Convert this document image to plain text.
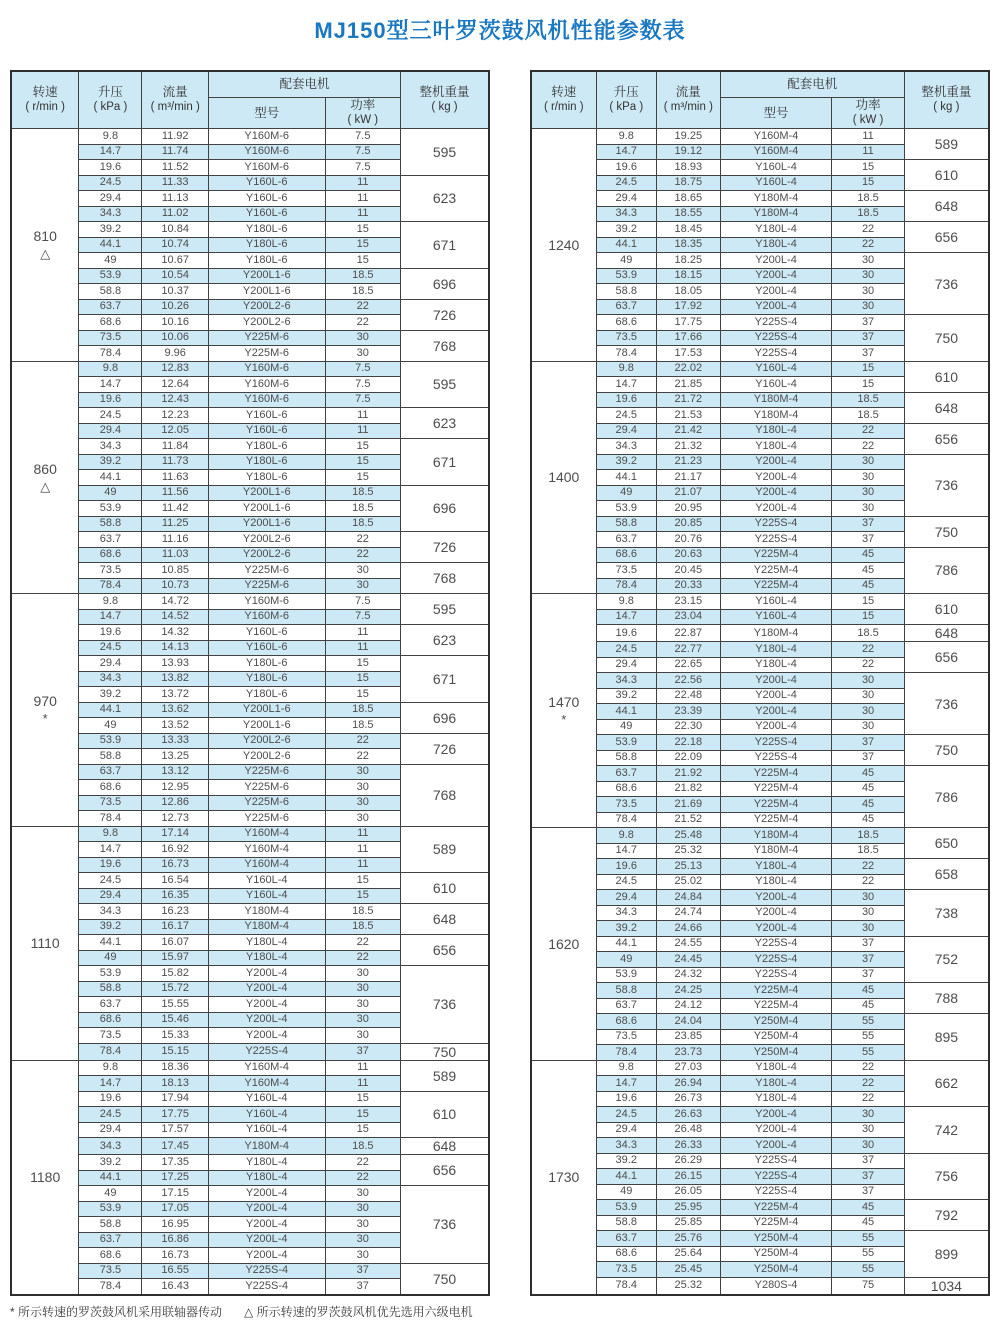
MJ150型三叶罗茨鼓风机性能参数表
转速
( r/min )

升压
( kPa )

流量
( m³/min )

配套电机

整机重量
( kg )

			型号	功率
( kW )	

810
△	9.8	11.92	Y160M-6	7.5	595
	14.7	11.74	Y160M-6	7.5	
	19.6	11.52	Y160M-6	7.5	
	24.5	11.33	Y160L-6	11	623
	29.4	11.13	Y160L-6	11	
	34.3	11.02	Y160L-6	11	
	39.2	10.84	Y180L-6	15	671
	44.1	10.74	Y180L-6	15	
	49	10.67	Y180L-6	15	
	53.9	10.54	Y200L1-6	18.5	696
	58.8	10.37	Y200L1-6	18.5	
	63.7	10.26	Y200L2-6	22	726
	68.6	10.16	Y200L2-6	22	
	73.5	10.06	Y225M-6	30	768
	78.4	9.96	Y225M-6	30	

860
△	9.8	12.83	Y160M-6	7.5	595
	14.7	12.64	Y160M-6	7.5	
	19.6	12.43	Y160M-6	7.5	
	24.5	12.23	Y160L-6	11	623
	29.4	12.05	Y160L-6	11	
	34.3	11.84	Y180L-6	15	671
	39.2	11.73	Y180L-6	15	
	44.1	11.63	Y180L-6	15	
	49	11.56	Y200L1-6	18.5	696
	53.9	11.42	Y200L1-6	18.5	
	58.8	11.25	Y200L1-6	18.5	
	63.7	11.16	Y200L2-6	22	726
	68.6	11.03	Y200L2-6	22	
	73.5	10.85	Y225M-6	30	768
	78.4	10.73	Y225M-6	30	

970
*	9.8	14.72	Y160M-6	7.5	595
	14.7	14.52	Y160M-6	7.5	
	19.6	14.32	Y160L-6	11	623
	24.5	14.13	Y160L-6	11	
	29.4	13.93	Y180L-6	15	671
	34.3	13.82	Y180L-6	15	
	39.2	13.72	Y180L-6	15	
	44.1	13.62	Y200L1-6	18.5	696
	49	13.52	Y200L1-6	18.5	
	53.9	13.33	Y200L2-6	22	726
	58.8	13.25	Y200L2-6	22	
	63.7	13.12	Y225M-6	30	768
	68.6	12.95	Y225M-6	30	
	73.5	12.86	Y225M-6	30	
	78.4	12.73	Y225M-6	30	

1110	9.8	17.14	Y160M-4	11	589
	14.7	16.92	Y160M-4	11	
	19.6	16.73	Y160M-4	11	
	24.5	16.54	Y160L-4	15	610
	29.4	16.35	Y160L-4	15	
	34.3	16.23	Y180M-4	18.5	648
	39.2	16.17	Y180M-4	18.5	
	44.1	16.07	Y180L-4	22	656
	49	15.97	Y180L-4	22	
	53.9	15.82	Y200L-4	30	736
	58.8	15.72	Y200L-4	30	
	63.7	15.55	Y200L-4	30	
	68.6	15.46	Y200L-4	30	
	73.5	15.33	Y200L-4	30	
	78.4	15.15	Y225S-4	37	750

1180	9.8	18.36	Y160M-4	11	589
	14.7	18.13	Y160M-4	11	
	19.6	17.94	Y160L-4	15	610
	24.5	17.75	Y160L-4	15	
	29.4	17.57	Y160L-4	15	
	34.3	17.45	Y180M-4	18.5	648
	39.2	17.35	Y180L-4	22	656
	44.1	17.25	Y180L-4	22	
	49	17.15	Y200L-4	30	736
	53.9	17.05	Y200L-4	30	
	58.8	16.95	Y200L-4	30	
	63.7	16.86	Y200L-4	30	
	68.6	16.73	Y200L-4	30	
	73.5	16.55	Y225S-4	37	750
	78.4	16.43	Y225S-4	37	
转速
( r/min )

升压
( kPa )

流量
( m³/min )

配套电机

整机重量
( kg )

			型号	功率
( kW )	

1240	9.8	19.25	Y160M-4	11	589
	14.7	19.12	Y160M-4	11	
	19.6	18.93	Y160L-4	15	610
	24.5	18.75	Y160L-4	15	
	29.4	18.65	Y180M-4	18.5	648
	34.3	18.55	Y180M-4	18.5	
	39.2	18.45	Y180L-4	22	656
	44.1	18.35	Y180L-4	22	
	49	18.25	Y200L-4	30	736
	53.9	18.15	Y200L-4	30	
	58.8	18.05	Y200L-4	30	
	63.7	17.92	Y200L-4	30	
	68.6	17.75	Y225S-4	37	750
	73.5	17.66	Y225S-4	37	
	78.4	17.53	Y225S-4	37	

1400	9.8	22.02	Y160L-4	15	610
	14.7	21.85	Y160L-4	15	
	19.6	21.72	Y180M-4	18.5	648
	24.5	21.53	Y180M-4	18.5	
	29.4	21.42	Y180L-4	22	656
	34.3	21.32	Y180L-4	22	
	39.2	21.23	Y200L-4	30	736
	44.1	21.17	Y200L-4	30	
	49	21.07	Y200L-4	30	
	53.9	20.95	Y200L-4	30	
	58.8	20.85	Y225S-4	37	750
	63.7	20.76	Y225S-4	37	
	68.6	20.63	Y225M-4	45	786
	73.5	20.45	Y225M-4	45	
	78.4	20.33	Y225M-4	45	

1470
*	9.8	23.15	Y160L-4	15	610
	14.7	23.04	Y160L-4	15	
	19.6	22.87	Y180M-4	18.5	648
	24.5	22.77	Y180L-4	22	656
	29.4	22.65	Y180L-4	22	
	34.3	22.56	Y200L-4	30	736
	39.2	22.48	Y200L-4	30	
	44.1	23.39	Y200L-4	30	
	49	22.30	Y200L-4	30	
	53.9	22.18	Y225S-4	37	750
	58.8	22.09	Y225S-4	37	
	63.7	21.92	Y225M-4	45	786
	68.6	21.82	Y225M-4	45	
	73.5	21.69	Y225M-4	45	
	78.4	21.52	Y225M-4	45	

1620	9.8	25.48	Y180M-4	18.5	650
	14.7	25.32	Y180M-4	18.5	
	19.6	25.13	Y180L-4	22	658
	24.5	25.02	Y180L-4	22	
	29.4	24.84	Y200L-4	30	738
	34.3	24.74	Y200L-4	30	
	39.2	24.66	Y200L-4	30	
	44.1	24.55	Y225S-4	37	752
	49	24.45	Y225S-4	37	
	53.9	24.32	Y225S-4	37	
	58.8	24.25	Y225M-4	45	788
	63.7	24.12	Y225M-4	45	
	68.6	24.04	Y250M-4	55	895
	73.5	23.85	Y250M-4	55	
	78.4	23.73	Y250M-4	55	

1730	9.8	27.03	Y180L-4	22	662
	14.7	26.94	Y180L-4	22	
	19.6	26.73	Y180L-4	22	
	24.5	26.63	Y200L-4	30	742
	29.4	26.48	Y200L-4	30	
	34.3	26.33	Y200L-4	30	
	39.2	26.29	Y225S-4	37	756
	44.1	26.15	Y225S-4	37	
	49	26.05	Y225S-4	37	
	53.9	25.95	Y225M-4	45	792
	58.8	25.85	Y225M-4	45	
	63.7	25.76	Y250M-4	55	899
	68.6	25.64	Y250M-4	55	
	73.5	25.45	Y250M-4	55	
	78.4	25.32	Y280S-4	75	1034
* 所示转速的罗茨鼓风机采用联轴器传动 △ 所示转速的罗茨鼓风机优先选用六级电机
